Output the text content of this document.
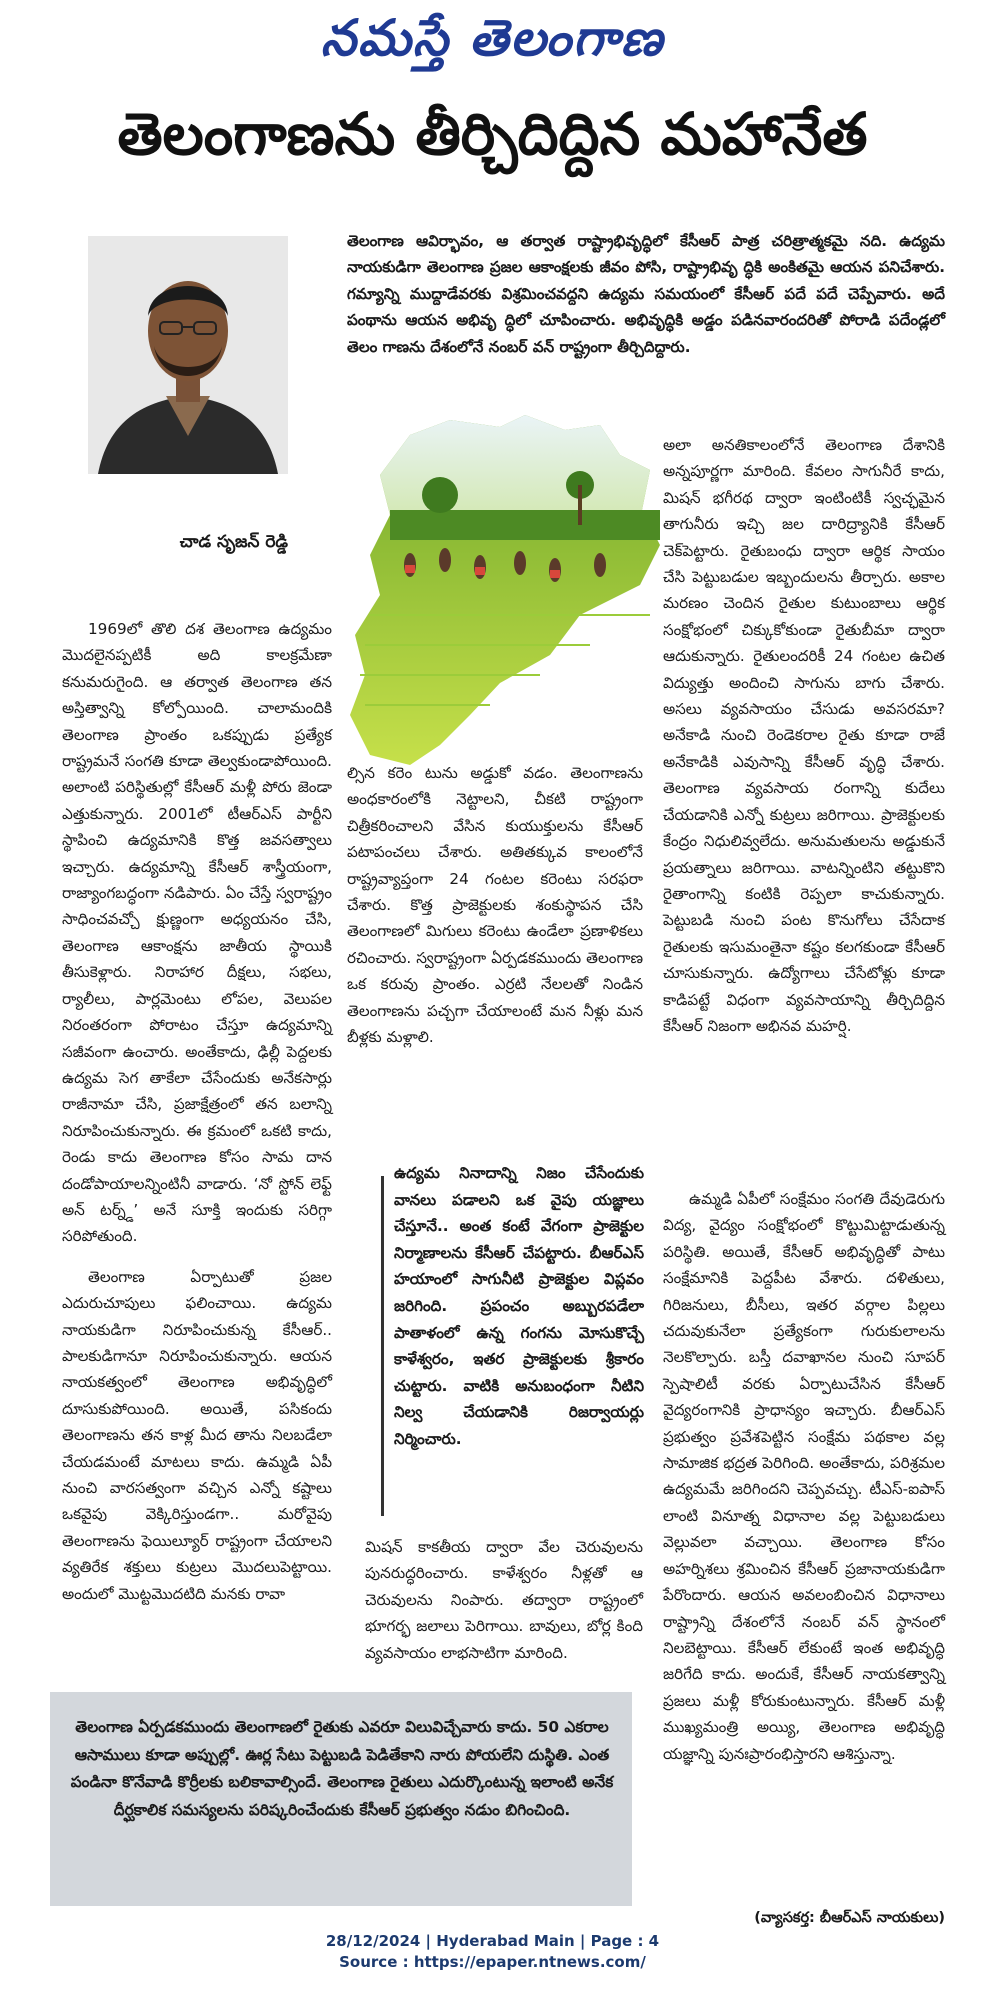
నమస్తే తెలంగాణ
తెలంగాణను తీర్చిదిద్దిన మహానేత
చాడ సృజన్ రెడ్డి
తెలంగాణ ఆవిర్భావం, ఆ తర్వాత రాష్ట్రాభివృద్ధిలో కేసీఆర్ పాత్ర చరిత్రాత్మకమై నది. ఉద్యమ నాయకుడిగా తెలంగాణ ప్రజల ఆకాంక్షలకు జీవం పోసి, రాష్ట్రాభివృ ద్ధికి అంకితమై ఆయన పనిచేశారు. గమ్యాన్ని ముద్దాడేవరకు విశ్రమించవద్దని ఉద్యమ సమయంలో కేసీఆర్ పదే పదే చెప్పేవారు. అదే పంథాను ఆయన అభివృ ద్ధిలో చూపించారు. అభివృద్ధికి అడ్డం పడినవారందరితో పోరాడి పదేండ్లలో తెలం గాణను దేశంలోనే నంబర్ వన్ రాష్ట్రంగా తీర్చిదిద్దారు.

ల్సిన కరెం టును అడ్డుకో వడం. తెలంగాణను అంధకారంలోకి నెట్టాలని, చీకటి రాష్ట్రంగా చిత్రీకరించాలని వేసిన కుయుక్తులను కేసీఆర్ పటాపంచలు చేశారు. అతితక్కువ కాలంలోనే రాష్ట్రవ్యాప్తంగా 24 గంటల కరెంటు సరఫరా చేశారు. కొత్త ప్రాజెక్టులకు శంకుస్థాపన చేసి తెలంగాణలో మిగులు కరెంటు ఉండేలా ప్రణాళికలు రచించారు. స్వరాష్ట్రంగా ఏర్పడకముందు తెలంగాణ ఒక కరువు ప్రాంతం. ఎర్రటి నేలలతో నిండిన తెలంగాణను పచ్చగా చేయాలంటే మన నీళ్లు మన బీళ్లకు మళ్లాలి.

ఉద్యమ నినాదాన్ని నిజం చేసేందుకు వానలు పడాలని ఒక వైపు యజ్ఞాలు చేస్తూనే.. అంత కంటే వేగంగా ప్రాజెక్టుల నిర్మాణాలను కేసీఆర్ చేపట్టారు. బీఆర్ఎస్ హయాంలో సాగునీటి ప్రాజెక్టుల విప్లవం జరిగింది. ప్రపంచం అబ్బురపడేలా పాతాళంలో ఉన్న గంగను మోసుకొచ్చే కాళేశ్వరం, ఇతర ప్రాజెక్టులకు శ్రీకారం చుట్టారు. వాటికి అనుబంధంగా నీటిని నిల్వ చేయడానికి రిజర్వాయర్లు నిర్మించారు.

మిషన్ కాకతీయ ద్వారా వేల చెరువులను పునరుద్ధరించారు. కాళేశ్వరం నీళ్లతో ఆ చెరువులను నింపారు. తద్వారా రాష్ట్రంలో భూగర్భ జలాలు పెరిగాయి. బావులు, బోర్ల కింది వ్యవసాయం లాభసాటిగా మారింది.

1969లో తొలి దశ తెలంగాణ ఉద్యమం మొదలైనప్పటికీ అది కాలక్రమేణా కనుమరుగైంది. ఆ తర్వాత తెలంగాణ తన అస్తిత్వాన్ని కోల్పోయింది. చాలామందికి తెలంగాణ ప్రాంతం ఒకప్పుడు ప్రత్యేక రాష్ట్రమనే సంగతి కూడా తెల్వకుండాపోయింది. అలాంటి పరిస్థితుల్లో కేసీఆర్ మళ్లీ పోరు జెండా ఎత్తుకున్నారు. 2001లో టీఆర్ఎస్ పార్టీని స్థాపించి ఉద్యమానికి కొత్త జవసత్వాలు ఇచ్చారు. ఉద్యమాన్ని కేసీఆర్ శాస్త్రీయంగా, రాజ్యాంగబద్ధంగా నడిపారు. ఏం చేస్తే స్వరాష్ట్రం సాధించవచ్చో క్షుణ్ణంగా అధ్యయనం చేసి, తెలంగాణ ఆకాంక్షను జాతీయ స్థాయికి తీసుకెళ్లారు. నిరాహార దీక్షలు, సభలు, ర్యాలీలు, పార్లమెంటు లోపల, వెలుపల నిరంతరంగా పోరాటం చేస్తూ ఉద్యమాన్ని సజీవంగా ఉంచారు. అంతేకాదు, ఢిల్లీ పెద్దలకు ఉద్యమ సెగ తాకేలా చేసేందుకు అనేకసార్లు రాజీనామా చేసి, ప్రజాక్షేత్రంలో తన బలాన్ని నిరూపించుకున్నారు. ఈ క్రమంలో ఒకటి కాదు, రెండు కాదు తెలంగాణ కోసం సామ దాన దండోపాయాలన్నింటినీ వాడారు. ‘నో స్టోన్ లెఫ్ట్ అన్ టర్న్డ్’ అనే సూక్తి ఇందుకు సరిగ్గా సరిపోతుంది.

తెలంగాణ ఏర్పాటుతో ప్రజల ఎదురుచూపులు ఫలించాయి. ఉద్యమ నాయకుడిగా నిరూపించుకున్న కేసీఆర్.. పాలకుడిగానూ నిరూపించుకున్నారు. ఆయన నాయకత్వంలో తెలంగాణ అభివృద్ధిలో దూసుకుపోయింది. అయితే, పసికందు తెలంగాణను తన కాళ్ల మీద తాను నిలబడేలా చేయడమంటే మాటలు కాదు. ఉమ్మడి ఏపీ నుంచి వారసత్వంగా వచ్చిన ఎన్నో కష్టాలు ఒకవైపు వెక్కిరిస్తుండగా.. మరోవైపు తెలంగాణను ఫెయిల్యూర్ రాష్ట్రంగా చేయాలని వ్యతిరేక శక్తులు కుట్రలు మొదలుపెట్టాయి. అందులో మొట్టమొదటిది మనకు రావా

అలా అనతికాలంలోనే తెలంగాణ దేశానికి అన్నపూర్ణగా మారింది. కేవలం సాగునీరే కాదు, మిషన్ భగీరథ ద్వారా ఇంటింటికీ స్వచ్ఛమైన తాగునీరు ఇచ్చి జల దారిద్ర్యానికి కేసీఆర్ చెక్‌పెట్టారు. రైతుబంధు ద్వారా ఆర్థిక సాయం చేసి పెట్టుబడుల ఇబ్బందులను తీర్చారు. అకాల మరణం చెందిన రైతుల కుటుంబాలు ఆర్థిక సంక్షోభంలో చిక్కుకోకుండా రైతుబీమా ద్వారా ఆదుకున్నారు. రైతులందరికీ 24 గంటల ఉచిత విద్యుత్తు అందించి సాగును బాగు చేశారు. అసలు వ్యవసాయం చేసుడు అవసరమా? అనేకాడి నుంచి రెండెకరాల రైతు కూడా రాజే అనేకాడికి ఎవుసాన్ని కేసీఆర్ వృద్ధి చేశారు. తెలంగాణ వ్యవసాయ రంగాన్ని కుదేలు చేయడానికి ఎన్నో కుట్రలు జరిగాయి. ప్రాజెక్టులకు కేంద్రం నిధులివ్వలేదు. అనుమతులను అడ్డుకునే ప్రయత్నాలు జరిగాయి. వాటన్నింటిని తట్టుకొని రైతాంగాన్ని కంటికి రెప్పలా కాచుకున్నారు. పెట్టుబడి నుంచి పంట కొనుగోలు చేసేదాక రైతులకు ఇసుమంతైనా కష్టం కలగకుండా కేసీఆర్ చూసుకున్నారు. ఉద్యోగాలు చేసేటోళ్లు కూడా కాడిపట్టే విధంగా వ్యవసాయాన్ని తీర్చిదిద్దిన కేసీఆర్ నిజంగా అభినవ మహర్షి.

ఉమ్మడి ఏపీలో సంక్షేమం సంగతి దేవుడెరుగు విద్య, వైద్యం సంక్షోభంలో కొట్టుమిట్టాడుతున్న పరిస్థితి. అయితే, కేసీఆర్ అభివృద్ధితో పాటు సంక్షేమానికి పెద్దపీట వేశారు. దళితులు, గిరిజనులు, బీసీలు, ఇతర వర్గాల పిల్లలు చదువుకునేలా ప్రత్యేకంగా గురుకులాలను నెలకొల్పారు. బస్తీ దవాఖానల నుంచి సూపర్ స్పెషాలిటీ వరకు ఏర్పాటుచేసిన కేసీఆర్ వైద్యరంగానికి ప్రాధాన్యం ఇచ్చారు. బీఆర్ఎస్ ప్రభుత్వం ప్రవేశపెట్టిన సంక్షేమ పథకాల వల్ల సామాజిక భద్రత పెరిగింది. అంతేకాదు, పరిశ్రమల ఉద్యమమే జరిగిందని చెప్పవచ్చు. టీఎస్-ఐపాస్ లాంటి వినూత్న విధానాల వల్ల పెట్టుబడులు వెల్లువలా వచ్చాయి. తెలంగాణ కోసం అహర్నిశలు శ్రమించిన కేసీఆర్ ప్రజానాయకుడిగా పేరొందారు. ఆయన అవలంబించిన విధానాలు రాష్ట్రాన్ని దేశంలోనే నంబర్ వన్ స్థానంలో నిలబెట్టాయి. కేసీఆర్ లేకుంటే ఇంత అభివృద్ధి జరిగేది కాదు. అందుకే, కేసీఆర్ నాయకత్వాన్ని ప్రజలు మళ్లీ కోరుకుంటున్నారు. కేసీఆర్ మళ్లీ ముఖ్యమంత్రి అయ్యి, తెలంగాణ అభివృద్ధి యజ్ఞాన్ని పునఃప్రారంభిస్తారని ఆశిస్తున్నా.

తెలంగాణ ఏర్పడకముందు తెలంగాణలో రైతుకు ఎవరూ విలువిచ్చేవారు కాదు. 50 ఎకరాల ఆసాములు కూడా అప్పుల్లో. ఊర్ల సేటు పెట్టుబడి పెడితేకాని నారు పోయలేని దుస్థితి. ఎంత పండినా కొనేవాడి కొర్రీలకు బలికావాల్సిందే. తెలంగాణ రైతులు ఎదుర్కొంటున్న ఇలాంటి అనేక దీర్ఘకాలిక సమస్యలను పరిష్కరించేందుకు కేసీఆర్ ప్రభుత్వం నడుం బిగించింది.
(వ్యాసకర్త: బీఆర్ఎస్ నాయకులు)
28/12/2024 | Hyderabad Main | Page : 4
Source : https://epaper.ntnews.com/
